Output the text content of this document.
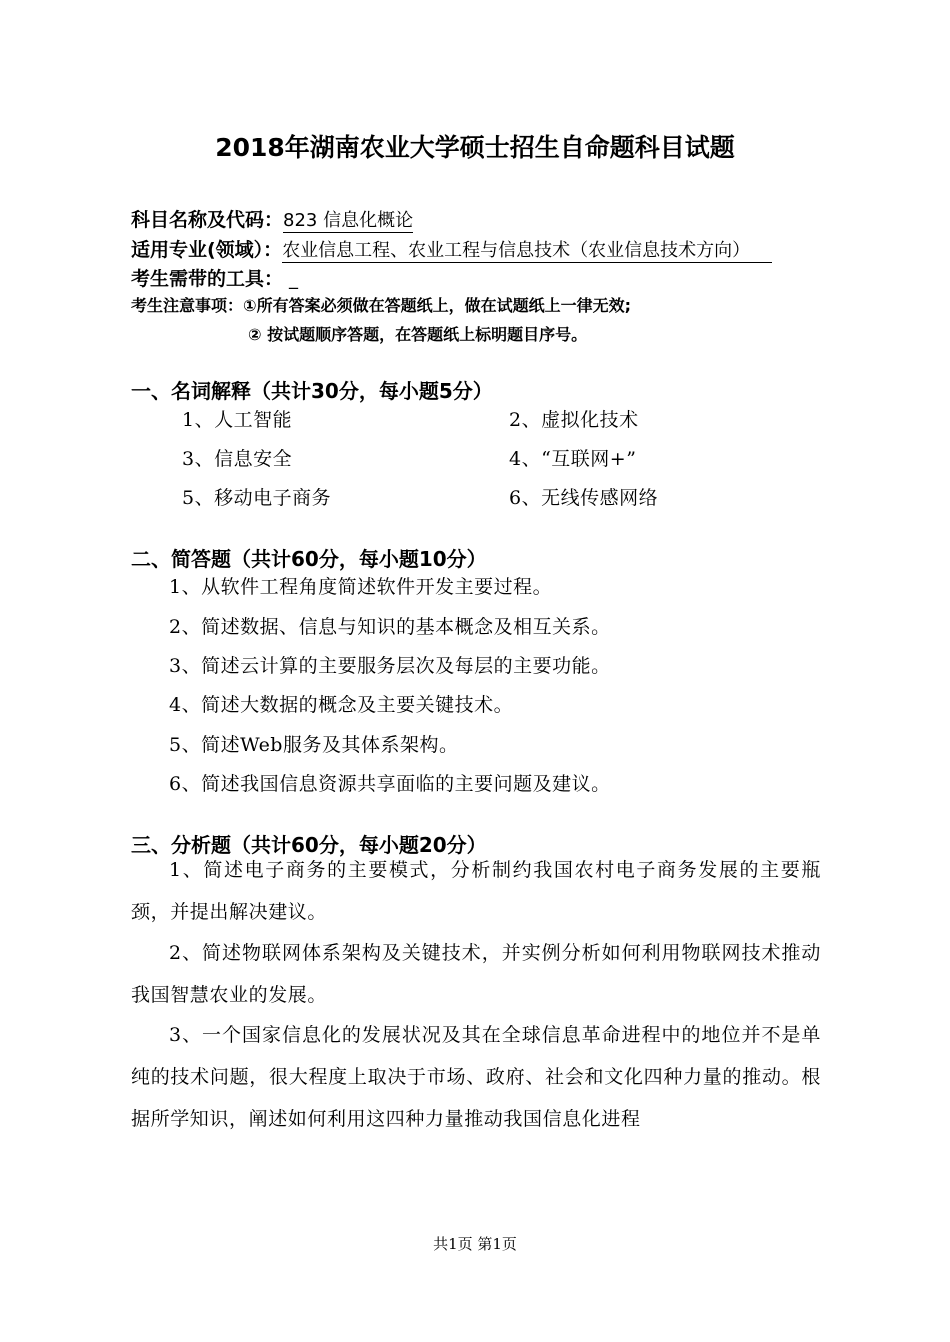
2018年湖南农业大学硕士招生自命题科目试题
科目名称及代码：823 信息化概论
适用专业(领域）：农业信息工程、农业工程与信息技术（农业信息技术方向）
考生需带的工具： _
考生注意事项：①所有答案必须做在答题纸上，做在试题纸上一律无效;
② 按试题顺序答题，在答题纸上标明题目序号。
一、名词解释（共计30分，每小题5分）
1、人工智能	2、虚拟化技术
3、信息安全	4、“互联网+”
5、移动电子商务	6、无线传感网络
二、简答题（共计60分，每小题10分）
1、从软件工程角度简述软件开发主要过程。
2、简述数据、信息与知识的基本概念及相互关系。
3、简述云计算的主要服务层次及每层的主要功能。
4、简述大数据的概念及主要关键技术。
5、简述Web服务及其体系架构。
6、简述我国信息资源共享面临的主要问题及建议。
三、分析题（共计60分，每小题20分）
1、简述电子商务的主要模式，分析制约我国农村电子商务发展的主要瓶颈，并提出解决建议。
2、简述物联网体系架构及关键技术，并实例分析如何利用物联网技术推动我国智慧农业的发展。
3、一个国家信息化的发展状况及其在全球信息革命进程中的地位并不是单纯的技术问题，很大程度上取决于市场、政府、社会和文化四种力量的推动。根据所学知识，阐述如何利用这四种力量推动我国信息化进程
共1页 第1页
